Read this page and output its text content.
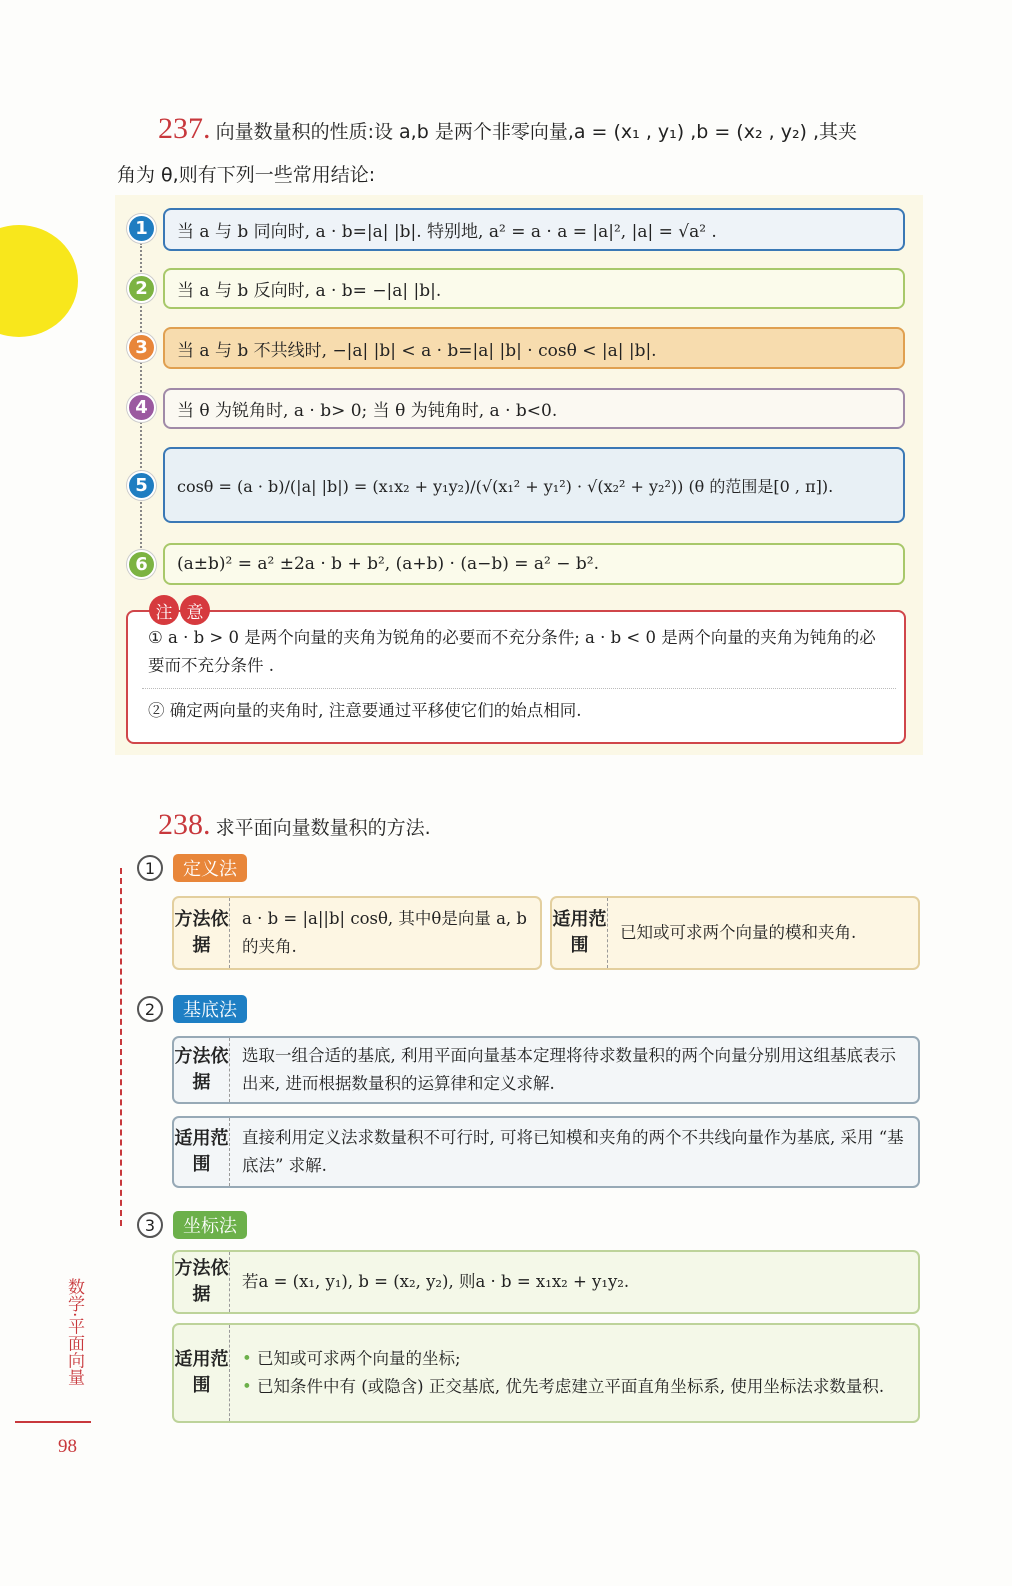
237. 向量数量积的性质:设 a,b 是两个非零向量,a = (x₁ , y₁) ,b = (x₂ , y₂) ,其夹
角为 θ,则有下列一些常用结论:
1	当 a 与 b 同向时, a · b=|a| |b|. 特别地, a² = a · a = |a|², |a| = √a² .
2	当 a 与 b 反向时, a · b= −|a| |b|.
3	当 a 与 b 不共线时, −|a| |b| < a · b=|a| |b| · cosθ < |a| |b|.
4	当 θ 为锐角时, a · b> 0; 当 θ 为钝角时, a · b<0.
5	cosθ = (a · b)/(|a| |b|) = (x₁x₂ + y₁y₂)/(√(x₁² + y₁²) · √(x₂² + y₂²)) (θ 的范围是[0 , π]).
6	(a±b)² = a² ±2a · b + b², (a+b) · (a−b) = a² − b².
① a · b > 0 是两个向量的夹角为锐角的必要而不充分条件; a · b < 0 是两个向量的夹角为钝角的必要而不充分条件 .
② 确定两向量的夹角时, 注意要通过平移使它们的始点相同.
注 意
238. 求平面向量数量积的方法.
1	定义法
方法依据
a · b = |a||b| cosθ, 其中θ是向量 a, b的夹角.
适用范围
已知或可求两个向量的模和夹角.
2	基底法
方法依据
选取一组合适的基底, 利用平面向量基本定理将待求数量积的两个向量分别用这组基底表示出来, 进而根据数量积的运算律和定义求解.
适用范围
直接利用定义法求数量积不可行时, 可将已知模和夹角的两个不共线向量作为基底, 采用 “基底法” 求解.
3	坐标法
方法依据
若a = (x₁, y₁), b = (x₂, y₂), 则a · b = x₁x₂ + y₁y₂.
适用范围
• 已知或可求两个向量的坐标;
• 已知条件中有 (或隐含) 正交基底, 优先考虑建立平面直角坐标系, 使用坐标法求数量积.
数学·平面向量
98
